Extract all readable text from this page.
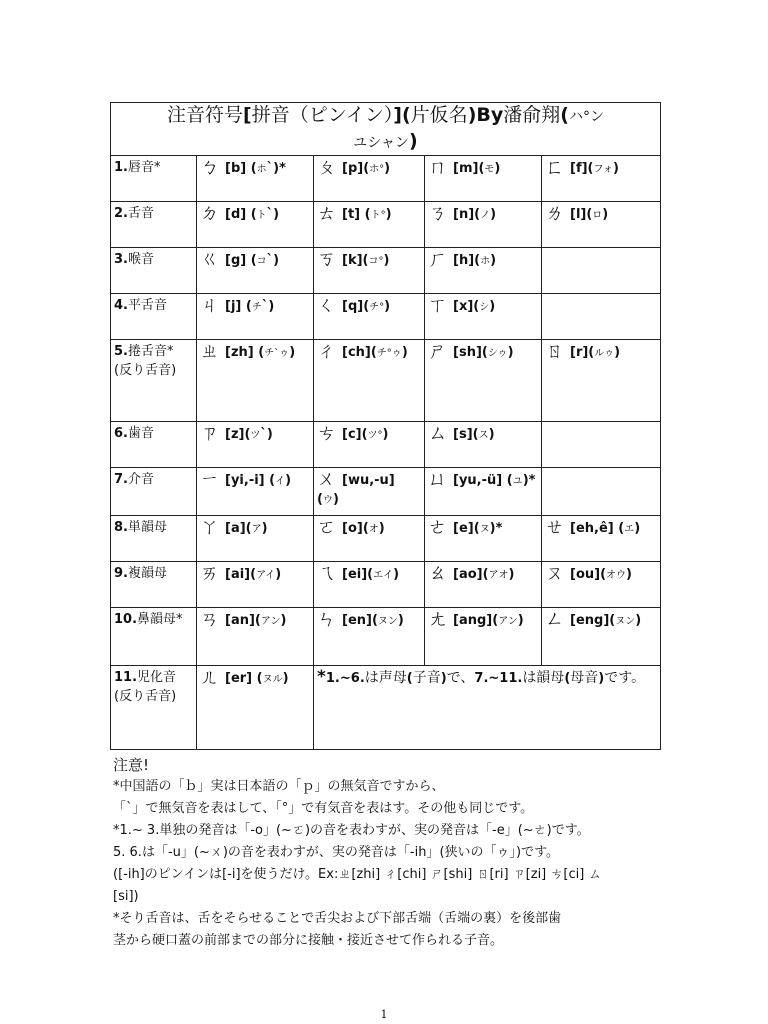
注音符号[拼音（ピンイン）](片仮名)By潘俞翔(ハ°ン
ユシャン)				
1.唇音*	ㄅ [b] (ホ`)*	ㄆ [p](ホ°)	ㄇ [m](モ)	ㄈ [f](フォ)
2.舌音	ㄉ [d] (ト`)	ㄊ [t] (ト°)	ㄋ [n](ノ)	ㄌ [l](ロ)
3.喉音	ㄍ [g] (コ`)	ㄎ [k](コ°)	ㄏ [h](ホ)	
4.平舌音	ㄐ [j] (チ`)	ㄑ [q](チ°)	ㄒ [x](シ)	
5.捲舌音*
(反り舌音)	ㄓ [zh] (チ`ゥ)	ㄔ [ch](チ°ゥ)	ㄕ [sh](シゥ)	ㄖ [r](ルゥ)
6.歯音	ㄗ [z](ツ`)	ㄘ [c](ツ°)	ㄙ [s](ス)	
7.介音	ㄧ [yi,-i] (イ)	ㄨ [wu,-u] (ウ)	ㄩ [yu,-ü] (ユ)*	
8.単韻母	ㄚ [a](ア)	ㄛ [o](オ)	ㄜ [e](ヌ)*	ㄝ [eh,ê] (エ)
9.複韻母	ㄞ [ai](アイ)	ㄟ [ei](エイ)	ㄠ [ao](アオ)	ㄡ [ou](オウ)
10.鼻韻母*	ㄢ [an](アン)	ㄣ [en](ヌン)	ㄤ [ang](アン)	ㄥ [eng](ヌン)
11.児化音
(反り舌音)	ㄦ [er] (ヌル)	*1.~6.は声母(子音)で、7.~11.は韻母(母音)です。		

注意!

*中国語の「ｂ」実は日本語の「ｐ」の無気音ですから、

「`」で無気音を表はして、「°」で有気音を表はす。その他も同じです。

*1.~ 3.単独の発音は「-o」(~ㄛ)の音を表わすが、実の発音は「-e」(~ㄜ)です。

5. 6.は「-u」(~ㄨ)の音を表わすが、実の発音は「-ih」(狭いの「ゥ」)です。

([-ih]のピンインは[-i]を使うだけ。Ex:ㄓ[zhi] ㄔ[chi] ㄕ[shi] ㄖ[ri] ㄗ[zi] ㄘ[ci] ㄙ

[si])

*そり舌音は、舌をそらせることで舌尖および下部舌端（舌端の裏）を後部歯

茎から硬口蓋の前部までの部分に接触・接近させて作られる子音。

1
